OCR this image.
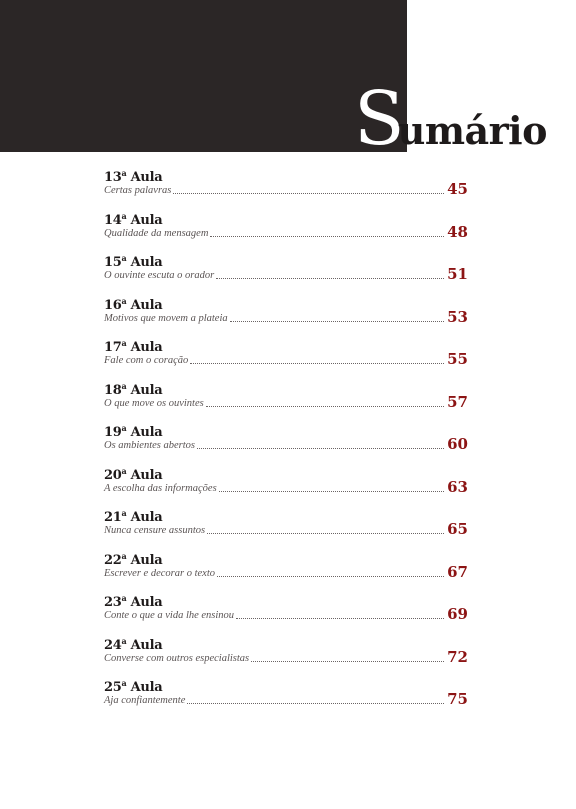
S
umário
13$^a$ Aula
Certas palavras	45
14$^a$ Aula
Qualidade da mensagem	48
15$^a$ Aula
O ouvinte escuta o orador	51
16$^a$ Aula
Motivos que movem a plateia	53
17$^a$ Aula
Fale com o coração	55
18$^a$ Aula
O que move os ouvintes	57
19$^a$ Aula
Os ambientes abertos	60
20$^a$ Aula
A escolha das informações	63
21$^a$ Aula
Nunca censure assuntos	65
22$^a$ Aula
Escrever e decorar o texto	67
23$^a$ Aula
Conte o que a vida lhe ensinou	69
24$^a$ Aula
Converse com outros especialistas	72
25$^a$ Aula
Aja confiantemente	75
